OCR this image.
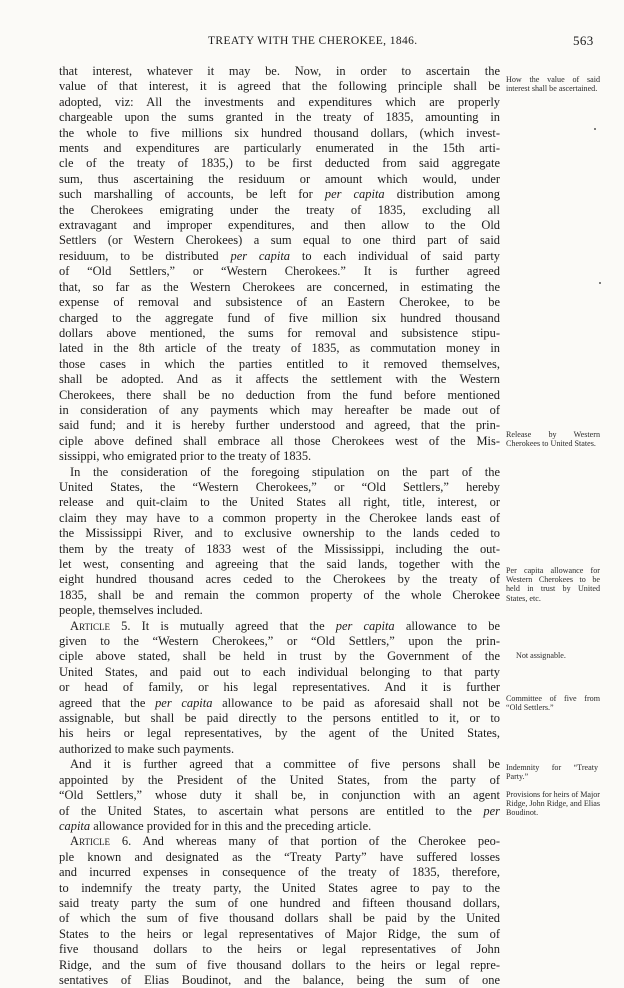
TREATY WITH THE CHEROKEE, 1846.	563

that interest, whatever it may be. Now, in order to ascertain the

value of that interest, it is agreed that the following principle shall be

adopted, viz: All the investments and expenditures which are properly

chargeable upon the sums granted in the treaty of 1835, amounting in

the whole to five millions six hundred thousand dollars, (which invest-

ments and expenditures are particularly enumerated in the 15th arti-

cle of the treaty of 1835,) to be first deducted from said aggregate

sum, thus ascertaining the residuum or amount which would, under

such marshalling of accounts, be left for per capita distribution among

the Cherokees emigrating under the treaty of 1835, excluding all

extravagant and improper expenditures, and then allow to the Old

Settlers (or Western Cherokees) a sum equal to one third part of said

residuum, to be distributed per capita to each individual of said party

of “Old Settlers,” or “Western Cherokees.” It is further agreed

that, so far as the Western Cherokees are concerned, in estimating the

expense of removal and subsistence of an Eastern Cherokee, to be

charged to the aggregate fund of five million six hundred thousand

dollars above mentioned, the sums for removal and subsistence stipu-

lated in the 8th article of the treaty of 1835, as commutation money in

those cases in which the parties entitled to it removed themselves,

shall be adopted. And as it affects the settlement with the Western

Cherokees, there shall be no deduction from the fund before mentioned

in consideration of any payments which may hereafter be made out of

said fund; and it is hereby further understood and agreed, that the prin-

ciple above defined shall embrace all those Cherokees west of the Mis-

sissippi, who emigrated prior to the treaty of 1835.

In the consideration of the foregoing stipulation on the part of the

United States, the “Western Cherokees,” or “Old Settlers,” hereby

release and quit-claim to the United States all right, title, interest, or

claim they may have to a common property in the Cherokee lands east of

the Mississippi River, and to exclusive ownership to the lands ceded to

them by the treaty of 1833 west of the Mississippi, including the out-

let west, consenting and agreeing that the said lands, together with the

eight hundred thousand acres ceded to the Cherokees by the treaty of

1835, shall be and remain the common property of the whole Cherokee

people, themselves included.

Article 5. It is mutually agreed that the per capita allowance to be

given to the “Western Cherokees,” or “Old Settlers,” upon the prin-

ciple above stated, shall be held in trust by the Government of the

United States, and paid out to each individual belonging to that party

or head of family, or his legal representatives. And it is further

agreed that the per capita allowance to be paid as aforesaid shall not be

assignable, but shall be paid directly to the persons entitled to it, or to

his heirs or legal representatives, by the agent of the United States,

authorized to make such payments.

And it is further agreed that a committee of five persons shall be

appointed by the President of the United States, from the party of

“Old Settlers,” whose duty it shall be, in conjunction with an agent

of the United States, to ascertain what persons are entitled to the per

capita allowance provided for in this and the preceding article.

Article 6. And whereas many of that portion of the Cherokee peo-

ple known and designated as the “Treaty Party” have suffered losses

and incurred expenses in consequence of the treaty of 1835, therefore,

to indemnify the treaty party, the United States agree to pay to the

said treaty party the sum of one hundred and fifteen thousand dollars,

of which the sum of five thousand dollars shall be paid by the United

States to the heirs or legal representatives of Major Ridge, the sum of

five thousand dollars to the heirs or legal representatives of John

Ridge, and the sum of five thousand dollars to the heirs or legal repre-

sentatives of Elias Boudinot, and the balance, being the sum of one

How the value of said interest shall be ascertained.

Release by Western Cherokees to United States.

Per capita allowance for Western Cherokees to be held in trust by United States, etc.

Not assignable.

Committee of five from “Old Settlers.”

Indemnity for “Treaty Party.”

Provisions for heirs of Major Ridge, John Ridge, and Elias Boudinot.
